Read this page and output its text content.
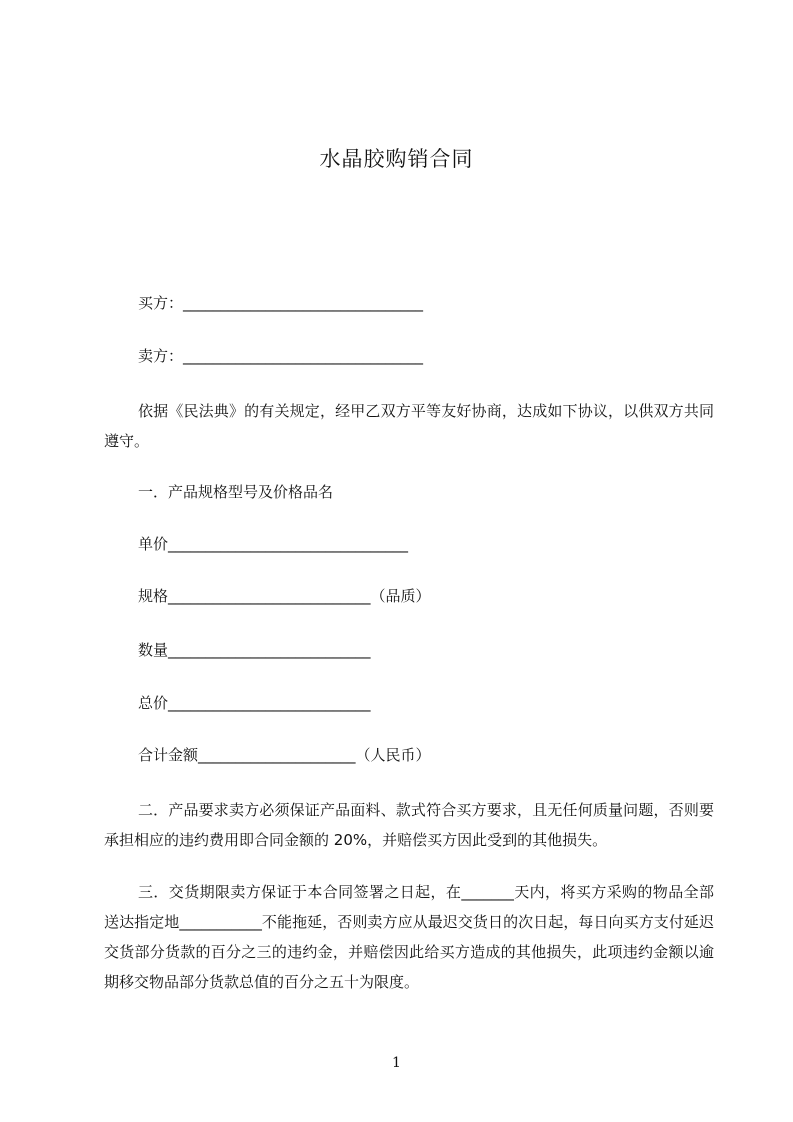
水晶胶购销合同
买方：________________________________
卖方：________________________________
依据《民法典》的有关规定，经甲乙双方平等友好协商，达成如下协议，以供双方共同遵守。
一．产品规格型号及价格品名
单价________________________________
规格___________________________（品质）
数量___________________________
总价___________________________
合计金额_____________________（人民币）
二．产品要求卖方必须保证产品面料、款式符合买方要求，且无任何质量问题，否则要承担相应的违约费用即合同金额的 20%，并赔偿买方因此受到的其他损失。
三．交货期限卖方保证于本合同签署之日起，在_______天内，将买方采购的物品全部送达指定地___________不能拖延，否则卖方应从最迟交货日的次日起，每日向买方支付延迟交货部分货款的百分之三的违约金，并赔偿因此给买方造成的其他损失，此项违约金额以逾期移交物品部分货款总值的百分之五十为限度。
1
